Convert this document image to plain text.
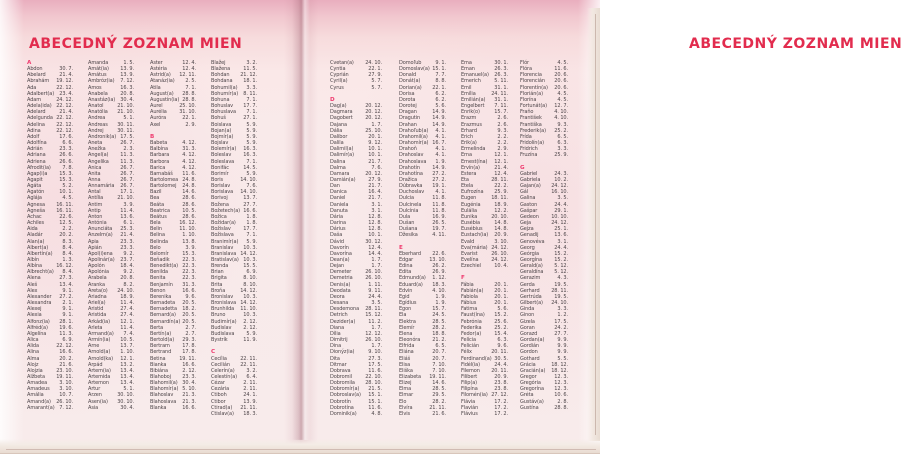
ABECEDNÝ ZOZNAM MIEN
A
Abdon	30. 7.
Abelard	21. 4.
Abrahám	19. 12.
Ada	22. 12.
Adalbert(a)	23. 4.
Adam	24. 12.
Adela(ida) 22. 12.
Adelard	21. 4.
Adelgunda 22. 12.
Adelina	22. 12.
Adina	22. 12.
Adolf	17. 6.
Adolfína	6. 6.
Adrián	23. 3.
Adriana	26. 6.
Adriena	26. 6.
Afrodit(ia)	7. 8.
Agap(i)a	15. 3.
Agapit	15. 3.
Agáta	5. 2.
Agatón	10. 1.
Aglája	4. 5.
Agnesa	16. 11.
Agneša	16. 11.
Achac	22. 6.
Achiles	12. 5.
Aida	2. 2.
Aladár	20. 2.
Alan(a)	8. 3.
Albert(a)	8. 4.
Albertín(a)	8. 4.
Albín	1. 3.
Albína	16. 12.
Albrecht(a)	8. 4.
Alena	27. 3.
Aleš	13. 4.
Alex	9. 1.
Alexander	27. 2.
Alexandra	2. 1.
Alexej	9. 1.
Alexia	9. 1.
Alfonz(ia)	28. 1.
Alfréd(a)	19. 6.
Algelína	11. 3.
Alica	6. 9.
Alida	22. 12.
Alina	16. 6.
Alma	20. 2.
Alojz	21. 6.
Alojzia	23. 10.
Alžbeta	19. 11.
Amadea	3. 10.
Amadeus	3. 10.
Amália	10. 7.
Amand(a)	26. 10.
Amarant(a) 7. 12.
Amanda	1. 5.
Amát(ia)	13. 9.
Amátus	13. 9.
Ambróz(ia)	7. 12.
Amos	16. 3.
Anabela	20. 8.
Anastáz(ia)	30. 4.
Anatol	21. 10.
Anatólia	21. 10.
Andrea	5. 1.
Andreas	30. 11.
Andrej	30. 11.
Andronik(a) 17. 5.
Aneta	26. 7.
Anežka	2. 3.
Angel(a)	11. 3.
Angelika	11. 3.
Anica	26. 7.
Anita	26. 7.
Anna	26. 7.
Annamária	26. 7.
Antal	17. 1.
Antília	21. 10.
Antim	3. 9.
Antip	11. 4.
Anton	13. 6.
Antónia	6. 1.
Anunciáta	25. 3.
Anzelm(a)	21. 4.
Apia	23. 3.
Apián	23. 3.
Apol(i)ena	9. 2.
Apolinár(a)	23. 7.
Apolón	18. 4.
Apolónia	9. 2.
Arabela	20. 8.
Aranka	8. 2.
Areta(o)	24. 10.
Ariadna	18. 9.
Ariel(a)	11. 4.
Aristid	27. 4.
Aristida	27. 4.
Arkád(ia)	12. 1.
Arleta	11. 4.
Armand(a)	7. 4.
Armín(ia)	10. 5.
Arne	13. 7.
Arnold(a)	1. 10.
Arnold(ka)	12. 1.
Arpád	13. 2.
Artem(ia)	13. 4.
Artemida	13. 4.
Artemon	13. 4.
Artur	5. 1.
Arzen	30. 10.
Asen(ia)	30. 10.
Asia	30. 4.
Aster	12. 4.
Astéria	12. 4.
Astrid(a)	12. 11.
Atanáz(ia)	2. 5.
Atila	7. 1.
August(a)	28. 8.
Augustín(ia) 28. 8.
Aurel	25. 10.
Aurélia	31. 10.
Auróra	22. 1.
Axel	2. 9.
B
Babeta	4. 12.
Balbína	31. 3.
Barbara	4. 12.
Barbora	4. 12.
Barica	4. 12.
Barnabáš	11. 6.
Bartolomea 24. 8.
Bartolomej	24. 8.
Bazil	14. 6.
Bea	28. 6.
Beáta	28. 6.
Beatrica	10. 5.
Beátus	28. 6.
Bela	16. 12.
Belin	11. 10.
Belina	1. 10.
Belinda	13. 8.
Belo	3. 9.
Belomír	15. 3.
Beňadik	22. 3.
Benedikt(a) 22. 3.
Benilda	22. 3.
Benita	22. 3.
Benjamín	31. 3.
Benon	16. 6.
Berenika	9. 6.
Bernadeta	20. 5.
Bernadetta	18. 2.
Bernard(a)	20. 5.
Bernardín(a) 20. 5.
Berta	2. 7.
Bertín(a)	2. 7.
Bertold(a)	29. 3.
Bertram	17. 8.
Bertrand	17. 8.
Betina	19. 11.
Bianka	16. 6.
Bibiána	2. 12.
Blahoboj	23. 3.
Blahomil(a) 30. 4.
Blahomír(a) 5. 10.
Blahoslav	21. 3.
Blahoslava	21. 3.
Blanka	16. 6.
Blažej	3. 2.
Blažena	11. 5.
Bohdan	21. 12.
Bohdana	18. 1.
Bohumil(a)	3. 3.
Bohumír(a)	8. 11.
Bohuna	7. 1.
Bohuslav	17. 7.
Bohuslava	7. 1.
Bohuš	27. 1.
Boislava	5. 9.
Bojan(a)	5. 9.
Bojmír(a)	5. 9.
Bojslav	5. 9.
Bolemír(a)	16. 3.
Boleslav	16. 3.
Boleslava	7. 1.
Bonifác	14. 5.
Borimír	5. 9.
Boris	14. 10.
Borislav	7. 6.
Borislava	14. 10.
Borivoj	13. 7.
Božena	27. 7.
Božetech(a) 16. 6.
Božica	1. 8.
Božidar(a)	1. 8.
Božislav	17. 7.
Božislava	7. 1.
Branimír(a)	5. 9.
Branislav	10. 3.
Branislava 14. 12.
Bratislav(a) 10. 3.
Brenda	15. 5.
Brian	6. 9.
Brigita	8. 10.
Brita	8. 10.
Broňa	14. 12.
Bronislav	10. 3.
Bronislava 14. 12.
Brunhilda	11. 10.
Bruno	10. 3.
Budimír(a)	2. 12.
Budislav	2. 12.
Budislava	5. 9.
Bystrík	11. 9.
C
Cecília	22. 11.
Cecilián	22. 11.
Celerín(a)	3. 2.
Celestín(a)	6. 4.
Cézar	2. 11.
Cezária	2. 11.
Ctiboh	24. 1.
Ctibor	13. 9.
Ctirad(a)	21. 11.
Ctislav(a)	18. 3.
ABECEDNÝ ZOZNAM MIEN
Cvetan(a)	24. 10.
Cyntia	22. 1.
Cyprián	27. 9.
Cyril(a)	5. 7.
Cyrus	5. 7.
D
Dag(a)	20. 12.
Dagmara	20. 12.
Dagobert	20. 12.
Dajana	1. 7.
Dália	25. 10.
Dalibor	20. 1.
Dalila	9. 12.
Dalimil(a)	10. 1.
Dalimír(a)	10. 1.
Dalina	21. 7.
Dalma	7. 6.
Damara	20. 12.
Damián(a)	27. 9.
Dan	21. 7.
Danica	16. 4.
Daniel	21. 7.
Daniela	3. 1.
Danuta	3. 1.
Dária	12. 8.
Darina	12. 8.
Dárius	12. 8.
Daša	10. 1.
Dávid	30. 12.
Davorín	12. 4.
Davorína	14. 4.
Dean(a)	1. 7.
Dejan	1. 7.
Demeter	26. 10.
Demetria	26. 10.
Denis(a)	1. 11.
Deodata	9. 11.
Deora	24. 4.
Desana	3. 5.
Desdemona	28. 11.
Detrich	15. 12.
Dezider(a)	11. 2.
Diana	1. 7.
Dília	12. 12.
Dimitrij	26. 10.
Dina	1. 7.
Dionýz(ia)	9. 10.
Dita	27. 3.
Ditmar	17. 5.
Dobrava	11. 6.
Dobromil	22. 10.
Dobromila	28. 10.
Dobromír(a)	21. 5.
Dobroslav(a)	15. 1.
Dobrotín	15. 1.
Dobrotína	11. 6.
Dominik(a)	4. 8.
Domoľub	9. 1.
Domoslav(a) 15. 1.
Donald	7. 7.
Donát(a)	8. 8.
Dorian(a)	22. 1.
Dorisa	6. 2.
Dorota	6. 2.
Dorotej	5. 6.
Dragan	14. 9.
Dragutin	14. 9.
Drahan	14. 9.
Drahoľub(a)	4. 1.
Drahomil(a)	4. 1.
Drahomír(a) 16. 7.
Drahoň	4. 1.
Drahoslav	4. 1.
Drahoslava	1. 9.
Drahotín	14. 9.
Drahotína	27. 2.
Dražica	27. 2.
Dúbravka	19. 1.
Duchoslav	4. 1.
Dulcia	11. 8.
Dulcinela	11. 8.
Dulcínia	11. 8.
Dula	16. 9.
Dušan	26. 5.
Dušana	19. 7.
Džesika	4. 11.
E
Eberhard	22. 6.
Edgar	13. 10.
Edina	26. 2.
Edita	26. 9.
Edmund(a)	1. 12.
Eduard(a)	18. 3.
Edvin	4. 10.
Egid	1. 9.
Egídius	1. 9.
Egon	15. 7.
Ela	24. 5.
Elektra	28. 5.
Elemír	28. 2.
Elena	18. 8.
Eleonóra	21. 2.
Elfrída	6. 5.
Eliána	20. 7.
Eliáš	20. 7.
Elisa	7. 10.
Eliška	7. 10.
Elizabeta	19. 11.
Elizej	14. 6.
Elma	28. 5.
Elmar	29. 5.
Elo	28. 2.
Elvíra	21. 11.
Elvis	21. 6.
Ema	30. 1.
Eman	26. 3.
Emanuel(a)	26. 3.
Emerich	5. 11.
Emil	31. 1.
Emília	24. 11.
Emilián(a)	31. 1.
Engelbert	7. 11.
Enrik(o)	15. 7.
Erazm	2. 6.
Erazmus	2. 6.
Erhard	9. 3.
Erich	2. 2.
Erik(a)	2. 2.
Ermelinda	2. 9.
Erna	12. 1.
Ernest(ína)	12. 1.
Ervín(a)	21. 4.
Estera	12. 4.
Eta	28. 11.
Etela	22. 2.
Eufrozína	25. 9.
Eugen	18. 11.
Eugénia	18. 9.
Eulália	12. 2.
Eunika	20. 10.
Eusébia	14. 8.
Eusébius	14. 8.
Eustach(ia)	20. 9.
Evald	3. 10.
Eva(mária) 24. 12.
Evarist	26. 10.
Evelína	24. 12.
Ezechiel	10. 4.
F
Fábia	20. 1.
Fabián(a)	20. 1.
Fabiola	20. 1.
Fábius	20. 1.
Fatima	5. 6.
Faust(ína)	15. 2.
Febrónia	25. 6.
Federika	25. 2.
Fedor(a)	15. 4.
Felícia	6. 3.
Felicián	9. 6.
Félix	20. 11.
Ferdinand(a) 30. 5.
Fidél(ia)	24. 4.
Filemon	20. 11.
Filibert	20. 9.
Filip(a)	23. 8.
Filipína	23. 8.
Filomén(ia) 27. 12.
Flávia	17. 2.
Flavián	17. 2.
Flávius	17. 2.
Flór	4. 5.
Flóra	11. 6.
Florencia	20. 6.
Florencián	20. 6.
Florentín(a)	20. 6.
Florián(a)	4. 5.
Florína	4. 5.
Fortunát(a)	12. 7.
Fraňo	4. 10.
František	4. 10.
Františka	9. 3.
Frederik(a)	25. 2.
Frída	6. 5.
Fridolín(a)	6. 3.
Fridrich	3. 3.
Fruzína	25. 9.
G
Gabriel	24. 3.
Gabriela	10. 2.
Gajan(a)	24. 12.
Gál	16. 10.
Galina	3. 5.
Gaston	24. 4.
Gašpar	29. 1.
Gedeon	10. 10.
Geja	24. 12.
Gejza	25. 1.
Genadij	13. 6.
Genovéva	3. 1.
Georg	24. 4.
Geórgia	15. 2.
Georgína	15. 2.
Gerald(a)	5. 12.
Geraldína	5. 12.
Gerazim	4. 3.
Gerda	19. 5.
Gerhard	28. 11.
Gertrúda	19. 5.
Gilbert(a)	24. 10.
Ginda	3. 3.
Ginon	1. 2.
Gizela	17. 5.
Goran	24. 2.
Gorazd	27. 7.
Gordan(a)	9. 9.
Gordián	9. 9.
Gordon	9. 9.
Gothard	5. 5.
Grácia	18. 12.
Gracián(a)	18. 12.
Gregor	12. 3.
Gregória	12. 3.
Gregorína	12. 3.
Gréta	10. 6.
Gustáv(a)	2. 8.
Gustína	28. 8.
